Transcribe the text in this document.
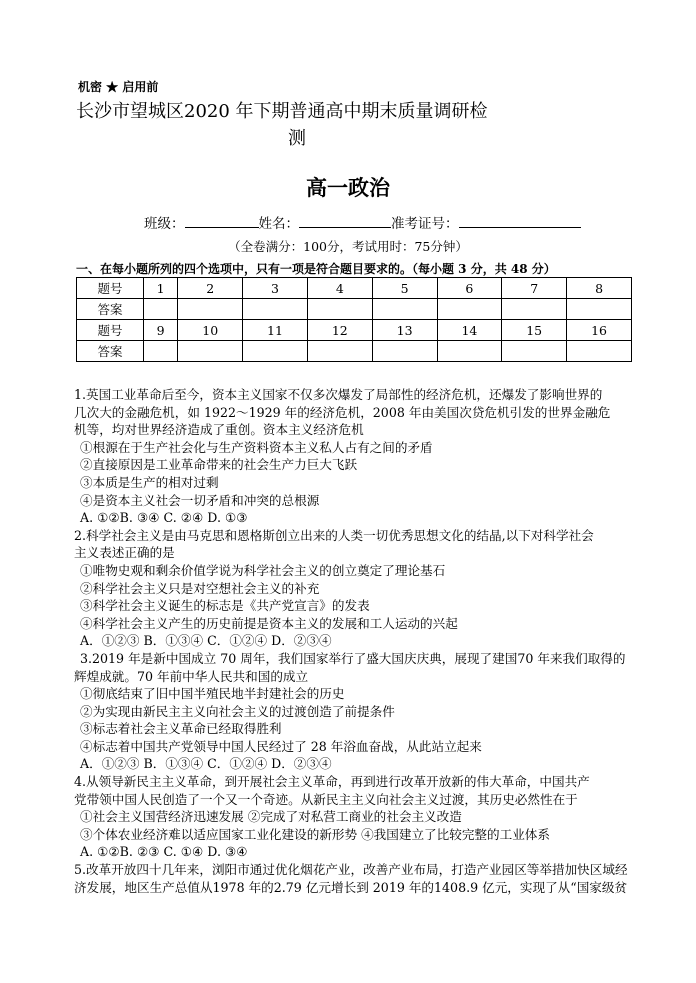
机密 ★ 启用前
长沙市望城区2020 年下期普通高中期末质量调研检
测
高一政治
班级：	姓名：	准考证号：
（全卷满分：100分，考试用时：75分钟）
一、在每小题所列的四个选项中，只有一项是符合题目要求的。（每小题 3 分，共 48 分）
题号	1	2	3	4	5	6	7	8
答案								
题号	9	10	11	12	13	14	15	16
答案								

1.英国工业革命后至今，资本主义国家不仅多次爆发了局部性的经济危机，还爆发了影响世界的

几次大的金融危机，如 1922～1929 年的经济危机，2008 年由美国次贷危机引发的世界金融危

机等，均对世界经济造成了重创。资本主义经济危机

①根源在于生产社会化与生产资料资本主义私人占有之间的矛盾

②直接原因是工业革命带来的社会生产力巨大飞跃

③本质是生产的相对过剩

④是资本主义社会一切矛盾和冲突的总根源

A. ①②B. ③④ C. ②④ D. ①③

2.科学社会主义是由马克思和恩格斯创立出来的人类一切优秀思想文化的结晶,以下对科学社会

主义表述正确的是

①唯物史观和剩余价值学说为科学社会主义的创立奠定了理论基石

②科学社会主义只是对空想社会主义的补充

③科学社会主义诞生的标志是《共产党宣言》的发表

④科学社会主义产生的历史前提是资本主义的发展和工人运动的兴起

A．①②③ B．①③④ C．①②④ D．②③④

3.2019 年是新中国成立 70 周年，我们国家举行了盛大国庆庆典，展现了建国70 年来我们取得的

辉煌成就。70 年前中华人民共和国的成立

①彻底结束了旧中国半殖民地半封建社会的历史

②为实现由新民主主义向社会主义的过渡创造了前提条件

③标志着社会主义革命已经取得胜利

④标志着中国共产党领导中国人民经过了 28 年浴血奋战，从此站立起来

A．①②③ B．①③④ C．①②④ D．②③④

4.从领导新民主主义革命，到开展社会主义革命，再到进行改革开放新的伟大革命，中国共产

党带领中国人民创造了一个又一个奇迹。从新民主主义向社会主义过渡，其历史必然性在于

①社会主义国营经济迅速发展 ②完成了对私营工商业的社会主义改造

③个体农业经济难以适应国家工业化建设的新形势 ④我国建立了比较完整的工业体系

A. ①②B. ②③ C. ①④ D. ③④

5.改革开放四十几年来，浏阳市通过优化烟花产业，改善产业布局，打造产业园区等举措加快区域经

济发展，地区生产总值从1978 年的2.79 亿元增长到 2019 年的1408.9 亿元，实现了从“国家级贫
